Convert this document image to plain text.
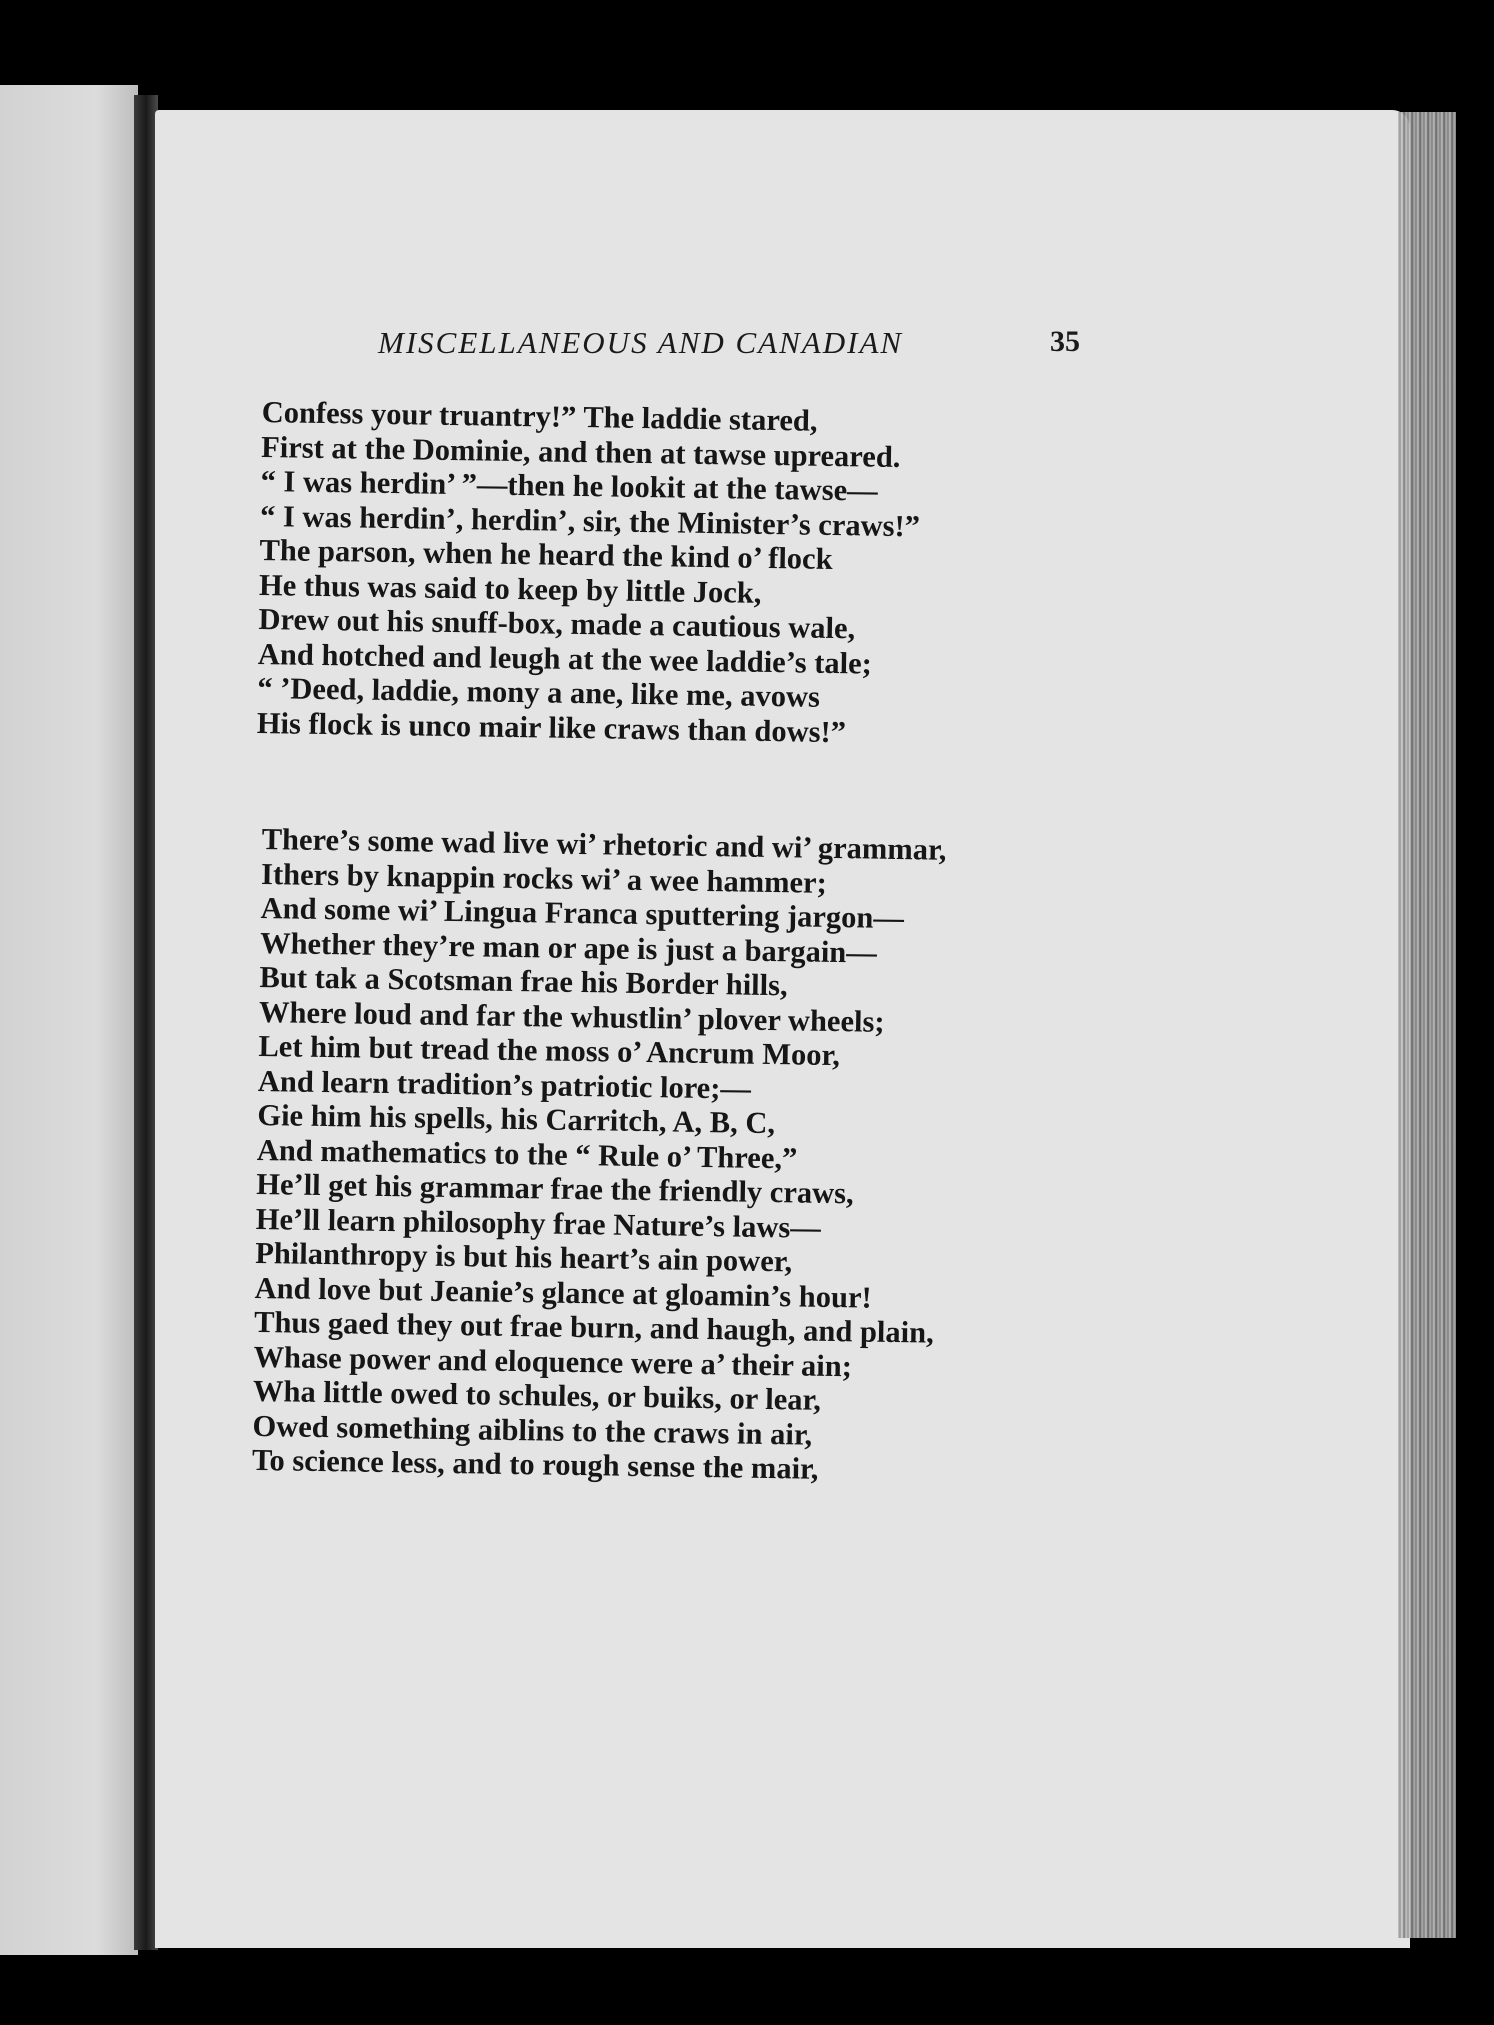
MISCELLANEOUS AND CANADIAN	35
Confess your truantry!” The laddie stared,
First at the Dominie, and then at tawse upreared.
“ I was herdin’ ”—then he lookit at the tawse—
“ I was herdin’, herdin’, sir, the Minister’s craws!”
The parson, when he heard the kind o’ flock
He thus was said to keep by little Jock,
Drew out his snuff-box, made a cautious wale,
And hotched and leugh at the wee laddie’s tale;
“ ’Deed, laddie, mony a ane, like me, avows
His flock is unco mair like craws than dows!”
There’s some wad live wi’ rhetoric and wi’ grammar,
Ithers by knappin rocks wi’ a wee hammer;
And some wi’ Lingua Franca sputtering jargon—
Whether they’re man or ape is just a bargain—
But tak a Scotsman frae his Border hills,
Where loud and far the whustlin’ plover wheels;
Let him but tread the moss o’ Ancrum Moor,
And learn tradition’s patriotic lore;—
Gie him his spells, his Carritch, A, B, C,
And mathematics to the “ Rule o’ Three,”
He’ll get his grammar frae the friendly craws,
He’ll learn philosophy frae Nature’s laws—
Philanthropy is but his heart’s ain power,
And love but Jeanie’s glance at gloamin’s hour!
Thus gaed they out frae burn, and haugh, and plain,
Whase power and eloquence were a’ their ain;
Wha little owed to schules, or buiks, or lear,
Owed something aiblins to the craws in air,
To science less, and to rough sense the mair,
